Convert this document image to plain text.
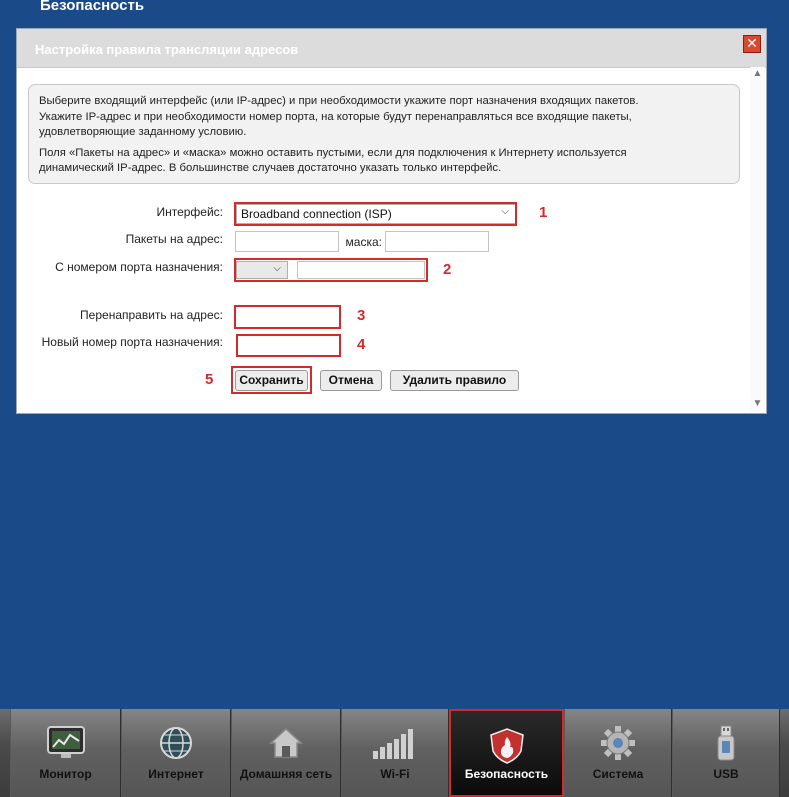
Безопасность
Настройка правила трансляции адресов	✕
▲
▼

Выберите входящий интерфейс (или IP-адрес) и при необходимости укажите порт назначения входящих пакетов.
Укажите IP-адрес и при необходимости номер порта, на которые будут перенаправляться все входящие пакеты,
удовлетворяющие заданному условию.

Поля «Пакеты на адрес» и «маска» можно оставить пустыми, если для подключения к Интернету используется
динамический IP-адрес. В большинстве случаев достаточно указать только интерфейс.

Интерфейс:	Broadband connection (ISP)	⌵ 1
Пакеты на адрес:	маска:
С номером порта назначения:	⌵	2
Перенаправить на адрес:	3
Новый номер порта назначения:	4
5	Сохранить	Отмена	Удалить правило
Монитор	Интернет	Домашняя сеть	Wi-Fi	Безопасность	Система	USB
